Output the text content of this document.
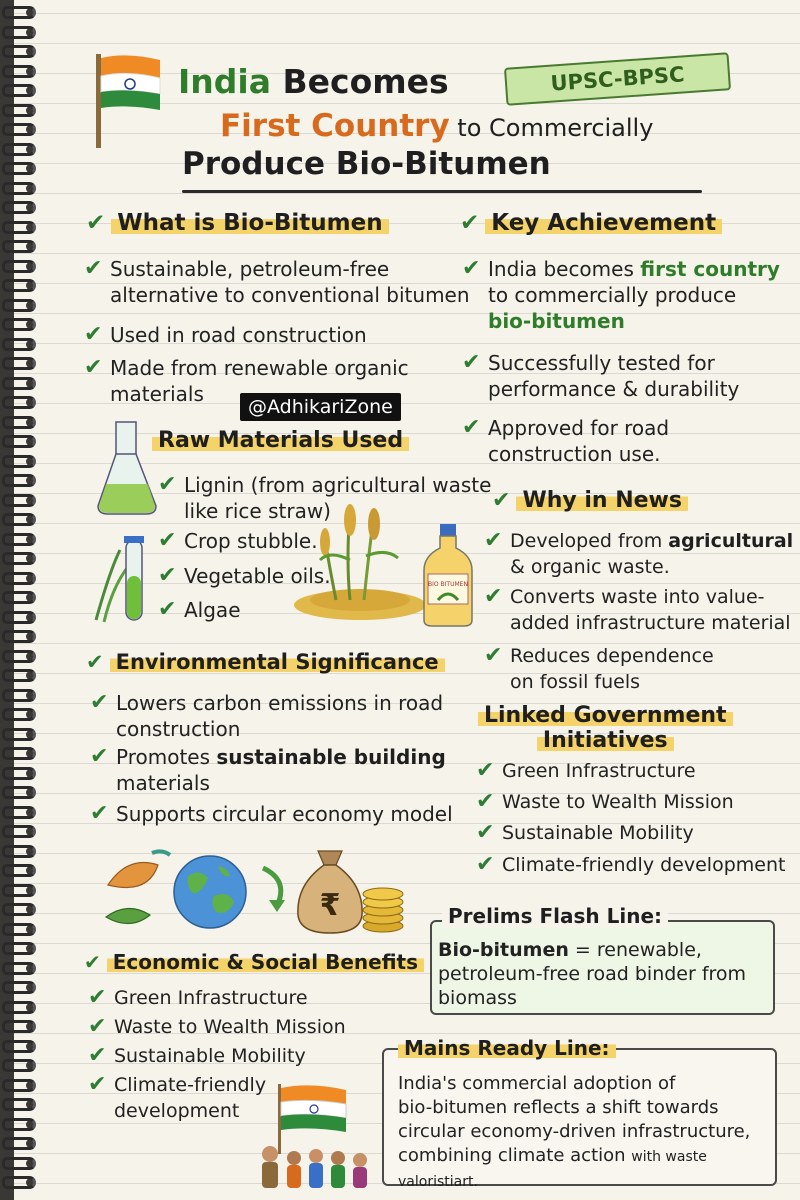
India Becomes
First Country to Commercially
Produce Bio-Bitumen
UPSC-BPSC
✔ What is Bio-Bitumen
✔ Sustainable, petroleum-free
alternative to conventional bitumen
✔ Used in road construction
✔ Made from renewable organic
materials
@AdhikariZone
Raw Materials Used
✔ Lignin (from agricultural waste
like rice straw)
✔ Crop stubble.
✔ Vegetable oils.
✔ Algae
BIO BITUMEN
✔ Environmental Significance
✔ Lowers carbon emissions in road
construction
✔ Promotes sustainable building
materials
✔ Supports circular economy model
₹
✔ Economic & Social Benefits
✔ Green Infrastructure
✔ Waste to Wealth Mission
✔ Sustainable Mobility
✔ Climate-friendly
development
✔ Key Achievement
✔ India becomes first country
to commercially produce
bio-bitumen
✔ Successfully tested for
performance & durability
✔ Approved for road
construction use.
✔ Why in News
✔ Developed from agricultural
& organic waste.
✔ Converts waste into value-
added infrastructure material
✔ Reduces dependence
on fossil fuels
Linked Government
Initiatives
✔ Green Infrastructure
✔ Waste to Wealth Mission
✔ Sustainable Mobility
✔ Climate-friendly development
Prelims Flash Line:
Bio-bitumen = renewable,
petroleum-free road binder from
biomass
Mains Ready Line:
India's commercial adoption of
bio-bitumen reflects a shift towards
circular economy-driven infrastructure,
combining climate action with waste valoristiart.
